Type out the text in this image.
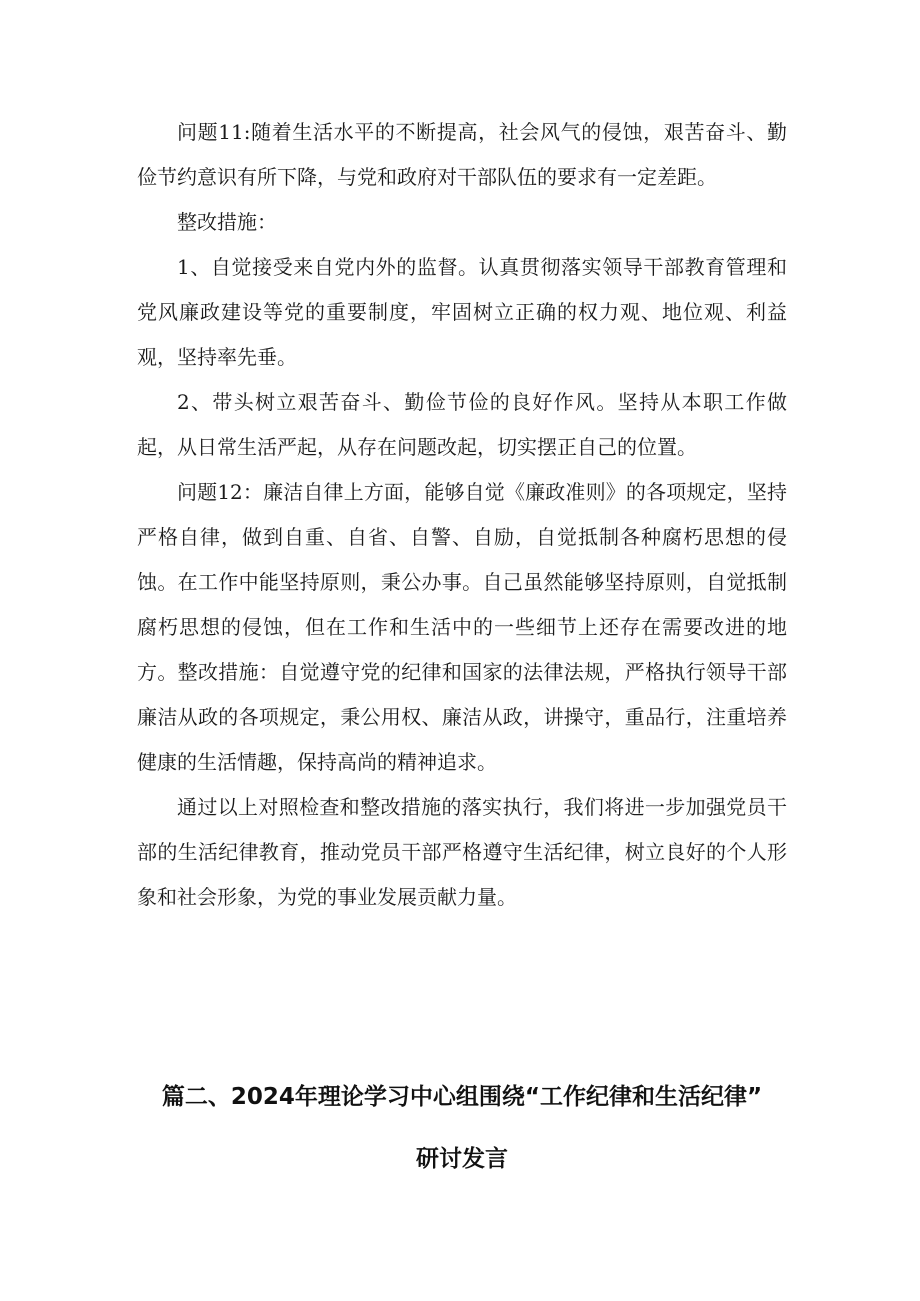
问题11:随着生活水平的不断提高，社会风气的侵蚀，艰苦奋斗、勤俭节约意识有所下降，与党和政府对干部队伍的要求有一定差距。

整改措施：

1、自觉接受来自党内外的监督。认真贯彻落实领导干部教育管理和党风廉政建设等党的重要制度，牢固树立正确的权力观、地位观、利益观，坚持率先垂。

2、带头树立艰苦奋斗、勤俭节俭的良好作风。坚持从本职工作做起，从日常生活严起，从存在问题改起，切实摆正自己的位置。

问题12：廉洁自律上方面，能够自觉《廉政准则》的各项规定，坚持严格自律，做到自重、自省、自警、自励，自觉抵制各种腐朽思想的侵蚀。在工作中能坚持原则，秉公办事。自己虽然能够坚持原则，自觉抵制腐朽思想的侵蚀，但在工作和生活中的一些细节上还存在需要改进的地方。整改措施：自觉遵守党的纪律和国家的法律法规，严格执行领导干部廉洁从政的各项规定，秉公用权、廉洁从政，讲操守，重品行，注重培养健康的生活情趣，保持高尚的精神追求。

通过以上对照检查和整改措施的落实执行，我们将进一步加强党员干部的生活纪律教育，推动党员干部严格遵守生活纪律，树立良好的个人形象和社会形象，为党的事业发展贡献力量。

篇二、2024年理论学习中心组围绕“工作纪律和生活纪律”
研讨发言
